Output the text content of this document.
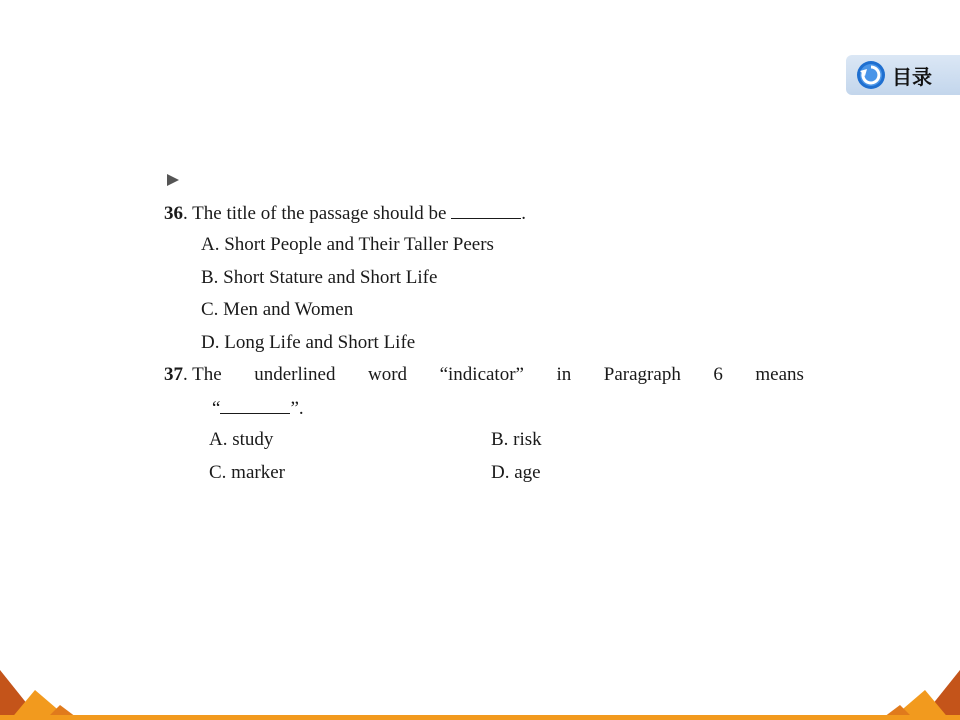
目录
36. The title of the passage should be	.
A. Short People and Their Taller Peers
B. Short Stature and Short Life
C. Men and Women
D. Long Life and Short Life
37. The underlined word “indicator” in Paragraph 6 means
“	”.
A. study	B. risk
C. marker	D. age
